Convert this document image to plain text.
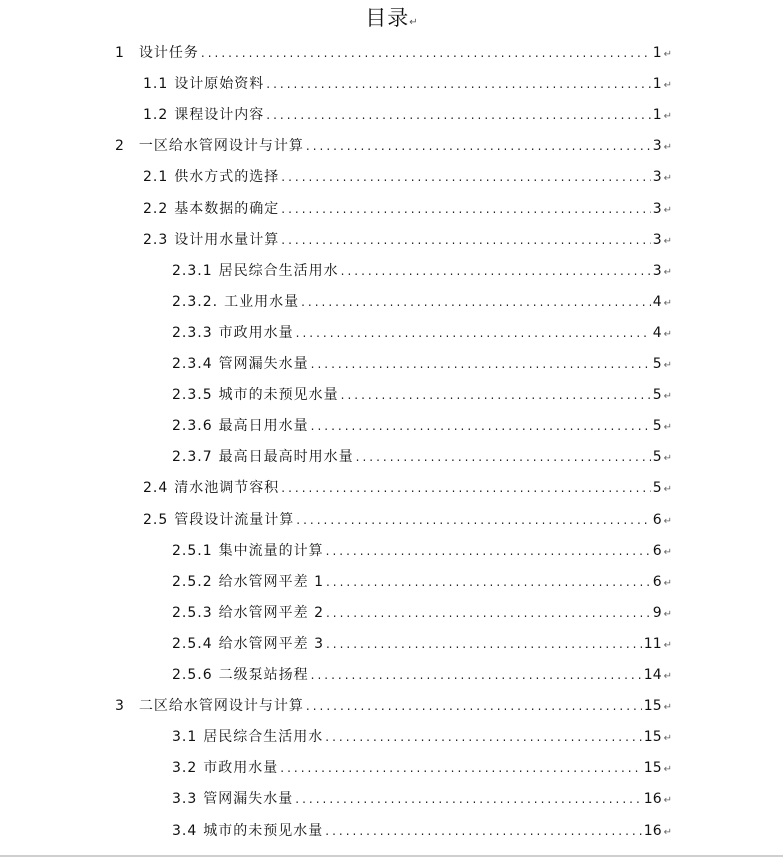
目录↵
1 设计任务 .....	1 ↵
1.1 设计原始资料 .....	1 ↵
1.2 课程设计内容 .....	1 ↵
2 一区给水管网设计与计算 .....	3 ↵
2.1 供水方式的选择 .....	3 ↵
2.2 基本数据的确定 .....	3 ↵
2.3 设计用水量计算 .....	3 ↵
2.3.1 居民综合生活用水 .....	3 ↵
2.3.2. 工业用水量 .....	4 ↵
2.3.3 市政用水量 .....	4 ↵
2.3.4 管网漏失水量 .....	5 ↵
2.3.5 城市的未预见水量 .....	5 ↵
2.3.6 最高日用水量 .....	5 ↵
2.3.7 最高日最高时用水量 .....	5 ↵
2.4 清水池调节容积 .....	5 ↵
2.5 管段设计流量计算 .....	6 ↵
2.5.1 集中流量的计算 .....	6 ↵
2.5.2 给水管网平差 1 .....	6 ↵
2.5.3 给水管网平差 2 .....	9 ↵
2.5.4 给水管网平差 3 .....	11 ↵
2.5.6 二级泵站扬程 .....	14 ↵
3 二区给水管网设计与计算 .....	15 ↵
3.1 居民综合生活用水 .....	15 ↵
3.2 市政用水量 .....	15 ↵
3.3 管网漏失水量 .....	16 ↵
3.4 城市的未预见水量 .....	16 ↵
